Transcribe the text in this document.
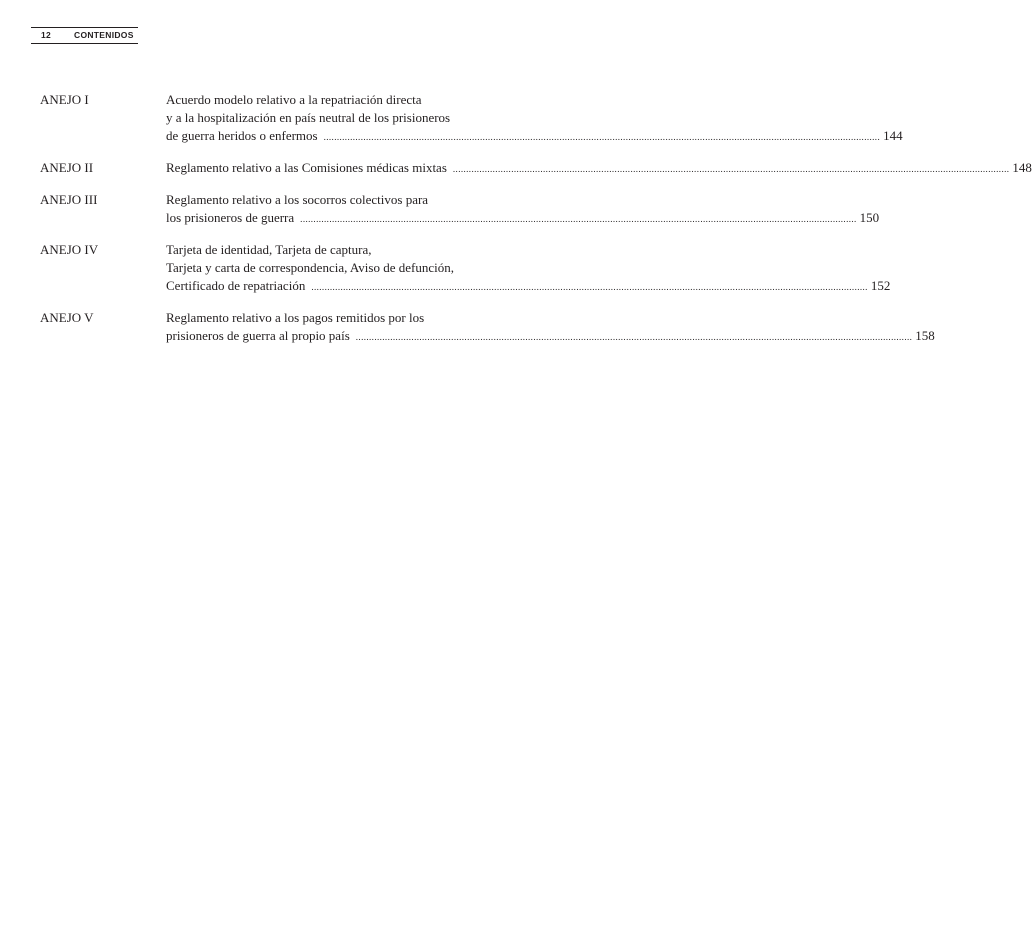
12	CONTENIDOS
ANEJO I	Acuerdo modelo relativo a la repatriación directa
y a la hospitalización en país neutral de los prisioneros
de guerra heridos o enfermos .....	144
ANEJO II	Reglamento relativo a las Comisiones médicas mixtas .....	148
ANEJO III	Reglamento relativo a los socorros colectivos para
los prisioneros de guerra .....	150
ANEJO IV	Tarjeta de identidad, Tarjeta de captura,
Tarjeta y carta de correspondencia, Aviso de defunción,
Certificado de repatriación .....	152
ANEJO V	Reglamento relativo a los pagos remitidos por los
prisioneros de guerra al propio país .....	158
